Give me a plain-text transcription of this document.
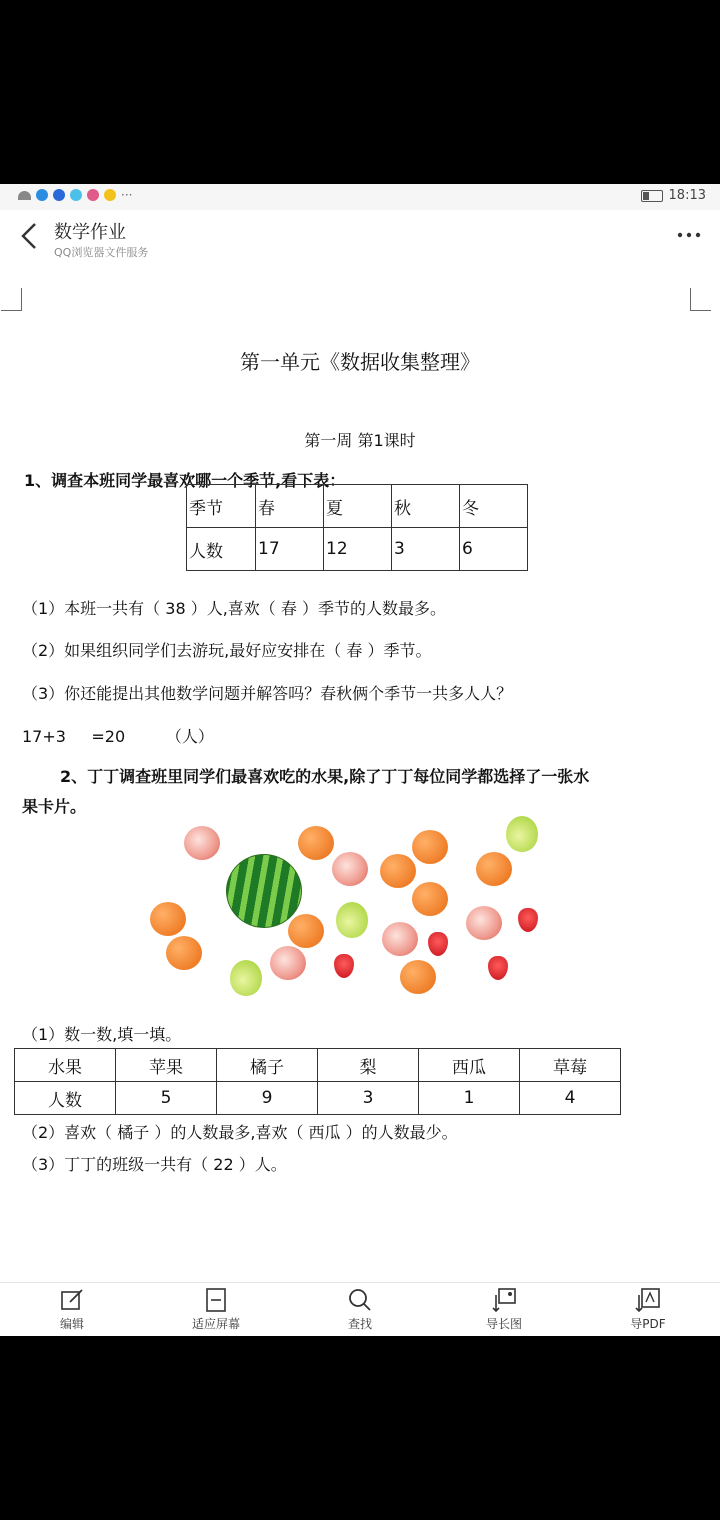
···	18:13
数学作业
QQ浏览器文件服务
第一单元《数据收集整理》
第一周 第1课时
1、调查本班同学最喜欢哪一个季节,看下表：
季节	春	夏	秋	冬
人数	17	12	3	6
（1）本班一共有（ 38 ）人,喜欢（ 春 ）季节的人数最多。
（2）如果组织同学们去游玩,最好应安排在（ 春 ）季节。
（3）你还能提出其他数学问题并解答吗？春秋俩个季节一共多人人？
17+3     =20        （人）
2、丁丁调查班里同学们最喜欢吃的水果,除了丁丁每位同学都选择了一张水
果卡片。
（1）数一数,填一填。
水果	苹果	橘子	梨	西瓜	草莓
人数	5	9	3	1	4
（2）喜欢（ 橘子 ）的人数最多,喜欢（ 西瓜 ）的人数最少。
（3）丁丁的班级一共有（ 22 ）人。
编辑	适应屏幕	查找	导长图	导PDF
